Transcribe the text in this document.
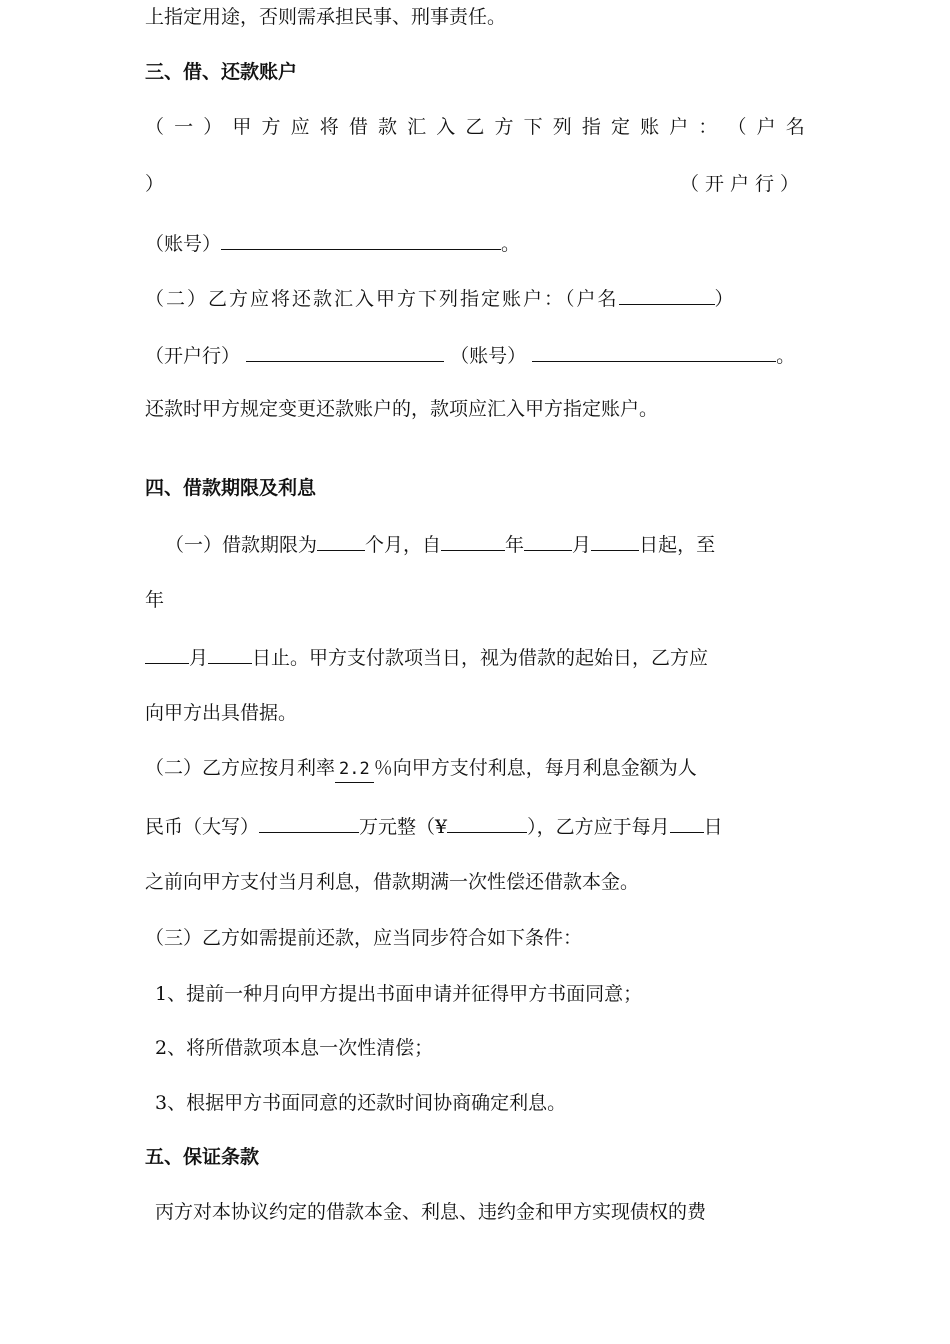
上指定用途，否则需承担民事、刑事责任。
三、借、还款账户
（ 一 ） 甲 方 应 将 借 款 汇 入 乙 方 下 列 指 定 账 户 ： （ 户 名
）	（开户行）
（账号）	。
（二）乙方应将还款汇入甲方下列指定账户：（户名	）
（开户行）	（账号）	。
还款时甲方规定变更还款账户的，款项应汇入甲方指定账户。
四、借款期限及利息
（一）借款期限为	个月，自	年	月	日起，至
年
月 日止。甲方支付款项当日，视为借款的起始日，乙方应
向甲方出具借据。
（二）乙方应按月利率 2.2 ％向甲方支付利息，每月利息金额为人
民币（大写）	万元整（¥	），乙方应于每月 日
之前向甲方支付当月利息，借款期满一次性偿还借款本金。
（三）乙方如需提前还款，应当同步符合如下条件：
1、提前一种月向甲方提出书面申请并征得甲方书面同意；
2、将所借款项本息一次性清偿；
3、根据甲方书面同意的还款时间协商确定利息。
五、保证条款
丙方对本协议约定的借款本金、利息、违约金和甲方实现债权的费
